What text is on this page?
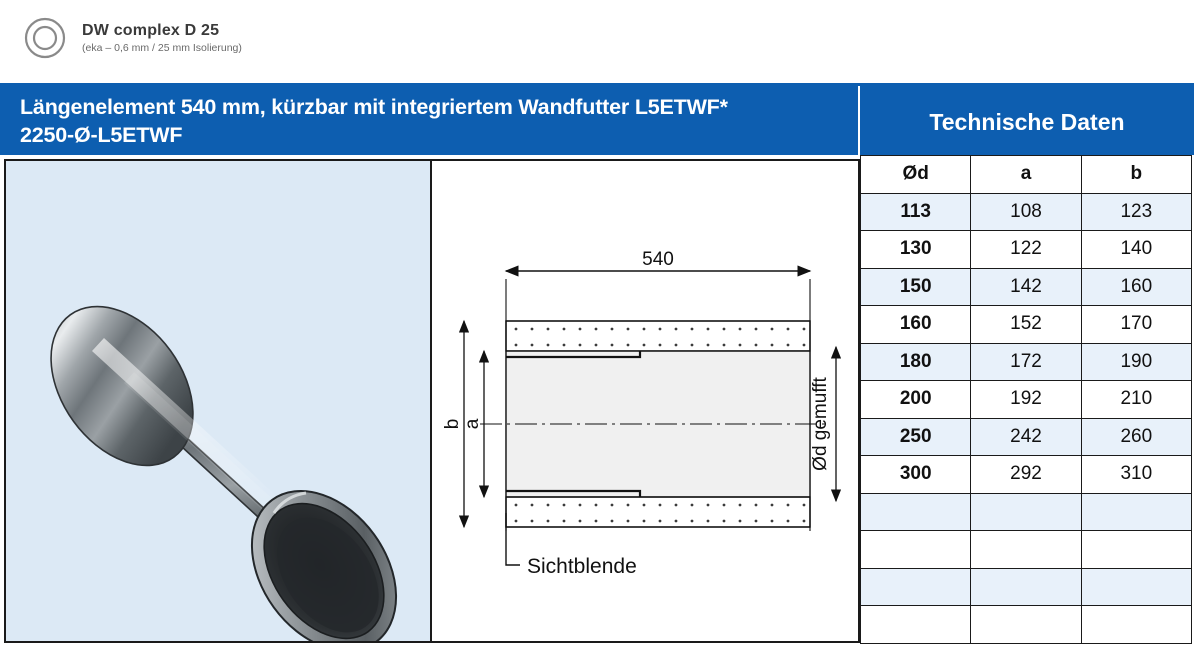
DW complex D 25
(eka – 0,6 mm / 25 mm Isolierung)
Längenelement 540 mm, kürzbar mit integriertem Wandfutter L5ETWF*
2250-Ø-L5ETWF
Technische Daten
540
b a	Ød gemufft
Sichtblende
Ød	a	b
113	108	123
130	122	140
150	142	160
160	152	170
180	172	190
200	192	210
250	242	260
300	292	310
